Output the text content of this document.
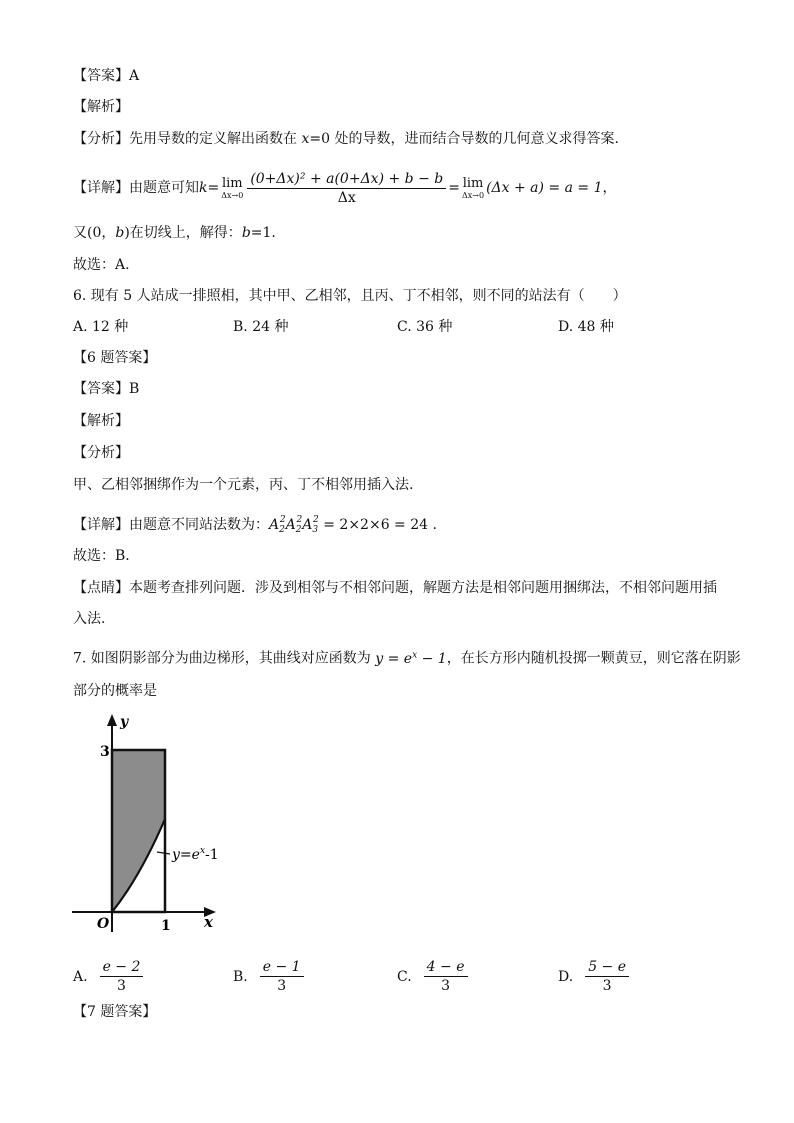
【答案】A
【解析】
【分析】先用导数的定义解出函数在 x=0 处的导数，进而结合导数的几何意义求得答案.
【详解】 由题意可知 k = lim
$\Delta x\to 0 \frac{\text{(0+Δx)² + a(0+Δx) + b − b}}{\Delta x} = \lim$
Δx→0 (Δx + a) = a = 1 ，
又(0，b)在切线上，解得：b=1.
故选：A.
6. 现有 5 人站成一排照相，其中甲、乙相邻，且丙、丁不相邻，则不同的站法有（　　）
A. 12 种	B. 24 种	C. 36 种	D. 48 种
【6 题答案】
【答案】B
【解析】
【分析】
甲、乙相邻捆绑作为一个元素，丙、丁不相邻用插入法.
【详解】由题意不同站法数为：$A_2^2A_2^2A_3^2 = 2\times 2\times 6 = 24$ .
故选：B.
【点睛】本题考查排列问题．涉及到相邻与不相邻问题，解题方法是相邻问题用捆绑法，不相邻问题用插
入法.
7. 如图阴影部分为曲边梯形，其曲线对应函数为 $y = e^x - 1$，在长方形内随机投掷一颗黄豆，则它落在阴影
部分的概率是
y
x
O
3
1
$y=e^x-1$
A. $\frac{e - 2}{3}$	B. $\frac{e - 1}{3}$	C. $\frac{4 - e}{3}$	D. $\frac{5 - e}{3}$
【7 题答案】
